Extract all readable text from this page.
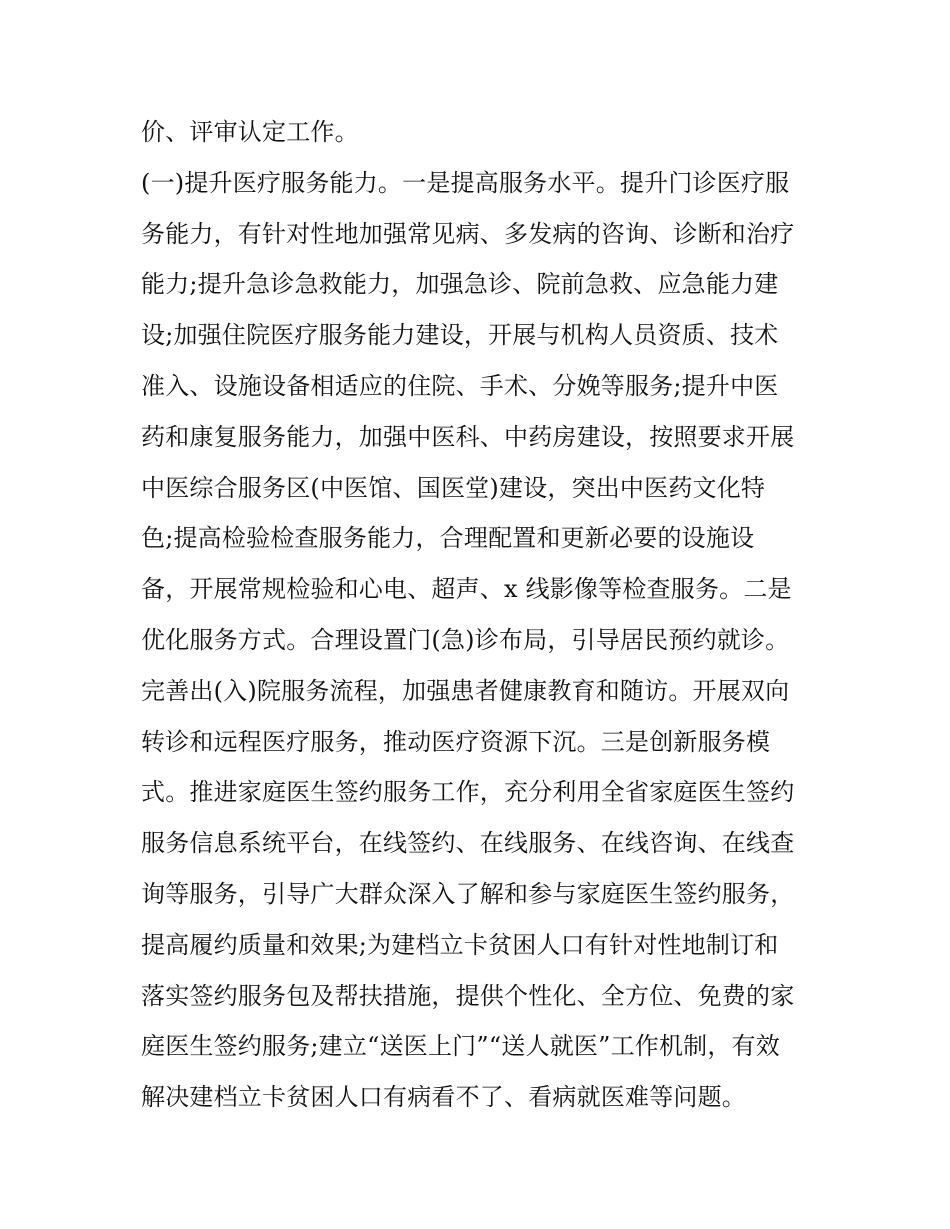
价、评审认定工作。
(一)提升医疗服务能力。一是提高服务水平。提升门诊医疗服
务能力，有针对性地加强常见病、多发病的咨询、诊断和治疗
能力;提升急诊急救能力，加强急诊、院前急救、应急能力建
设;加强住院医疗服务能力建设，开展与机构人员资质、技术
准入、设施设备相适应的住院、手术、分娩等服务;提升中医
药和康复服务能力，加强中医科、中药房建设，按照要求开展
中医综合服务区(中医馆、国医堂)建设，突出中医药文化特
色;提高检验检查服务能力，合理配置和更新必要的设施设
备，开展常规检验和心电、超声、x 线影像等检查服务。二是
优化服务方式。合理设置门(急)诊布局，引导居民预约就诊。
完善出(入)院服务流程，加强患者健康教育和随访。开展双向
转诊和远程医疗服务，推动医疗资源下沉。三是创新服务模
式。推进家庭医生签约服务工作，充分利用全省家庭医生签约
服务信息系统平台，在线签约、在线服务、在线咨询、在线查
询等服务，引导广大群众深入了解和参与家庭医生签约服务，
提高履约质量和效果;为建档立卡贫困人口有针对性地制订和
落实签约服务包及帮扶措施，提供个性化、全方位、免费的家
庭医生签约服务;建立“送医上门”“送人就医”工作机制，有效
解决建档立卡贫困人口有病看不了、看病就医难等问题。
